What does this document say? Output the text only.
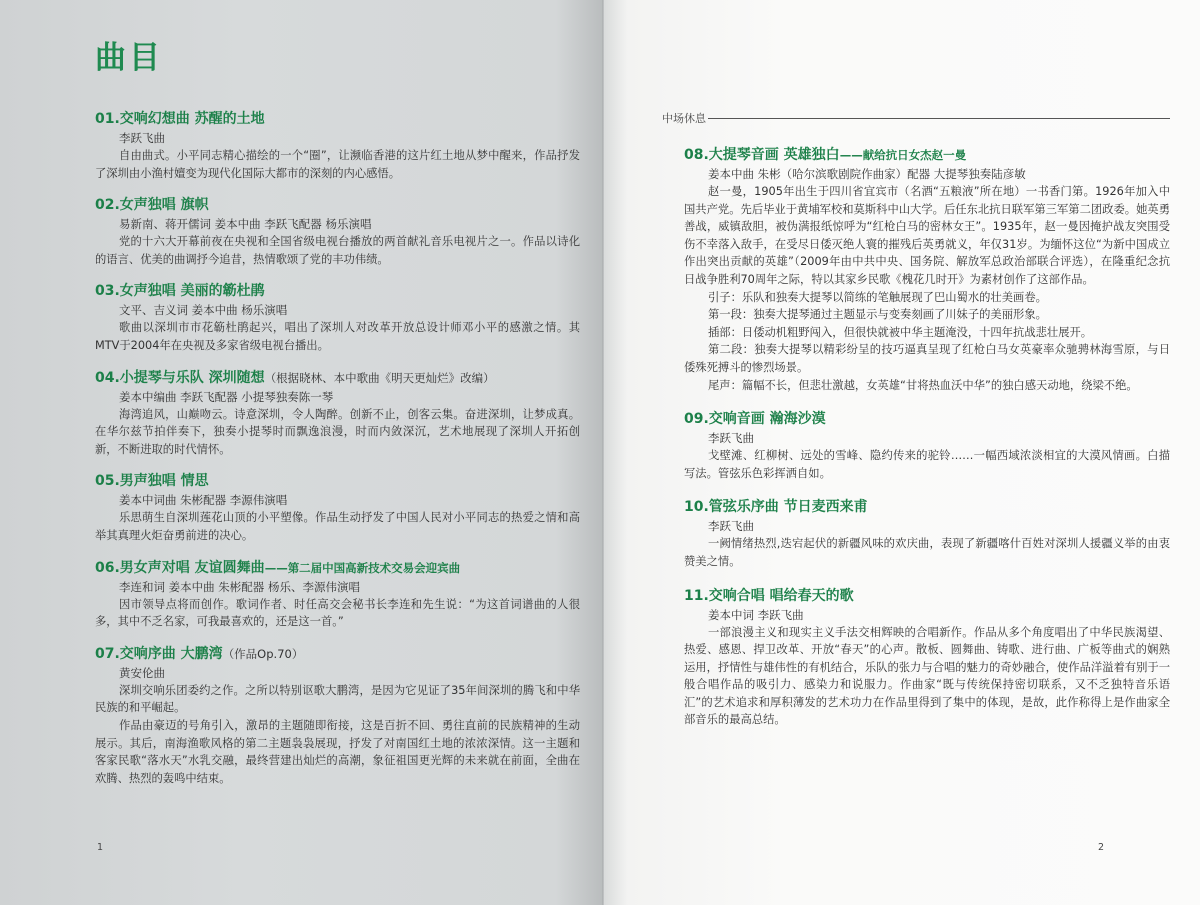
曲目
01.交响幻想曲 苏醒的土地
李跃飞曲

自由曲式。小平同志精心描绘的一个“圈”，让濒临香港的这片红土地从梦中醒来，作品抒发了深圳由小渔村嬗变为现代化国际大都市的深刻的内心感悟。

02.女声独唱 旗帜
易新南、蒋开儒词 姜本中曲 李跃飞配器 杨乐演唱

党的十六大开幕前夜在央视和全国省级电视台播放的两首献礼音乐电视片之一。作品以诗化的语言、优美的曲调抒今追昔，热情歌颂了党的丰功伟绩。

03.女声独唱 美丽的簕杜鹃
文平、吉义词 姜本中曲 杨乐演唱

歌曲以深圳市市花簕杜鹃起兴，唱出了深圳人对改革开放总设计师邓小平的感激之情。其MTV于2004年在央视及多家省级电视台播出。

04.小提琴与乐队 深圳随想（根据晓林、本中歌曲《明天更灿烂》改编）
姜本中编曲 李跃飞配器 小提琴独奏陈一琴

海湾追风，山巅吻云。诗意深圳，令人陶醉。创新不止，创客云集。奋进深圳，让梦成真。在华尔兹节拍伴奏下，独奏小提琴时而飘逸浪漫，时而内敛深沉，艺术地展现了深圳人开拓创新，不断进取的时代情怀。

05.男声独唱 情思
姜本中词曲 朱彬配器 李源伟演唱

乐思萌生自深圳莲花山顶的小平塑像。作品生动抒发了中国人民对小平同志的热爱之情和高举其真理火炬奋勇前进的决心。

06.男女声对唱 友谊圆舞曲——第二届中国高新技术交易会迎宾曲
李连和词 姜本中曲 朱彬配器 杨乐、李源伟演唱

因市领导点将而创作。歌词作者、时任高交会秘书长李连和先生说：“为这首词谱曲的人很多，其中不乏名家，可我最喜欢的，还是这一首。”

07.交响序曲 大鹏湾（作品Op.70）
黄安伦曲

深圳交响乐团委约之作。之所以特别讴歌大鹏湾，是因为它见证了35年间深圳的腾飞和中华民族的和平崛起。

作品由豪迈的号角引入，激昂的主题随即衔接，这是百折不回、勇往直前的民族精神的生动展示。其后，南海渔歌风格的第二主题袅袅展现，抒发了对南国红土地的浓浓深情。这一主题和客家民歌“落水天”水乳交融，最终营建出灿烂的高潮，象征祖国更光辉的未来就在前面，全曲在欢腾、热烈的轰鸣中结束。

1
中场休息
08.大提琴音画 英雄独白——献给抗日女杰赵一曼
姜本中曲 朱彬（哈尔滨歌剧院作曲家）配器 大提琴独奏陆彦敏

赵一曼，1905年出生于四川省宜宾市（名酒“五粮液”所在地）一书香门第。1926年加入中国共产党。先后毕业于黄埔军校和莫斯科中山大学。后任东北抗日联军第三军第二团政委。她英勇善战，威镇敌胆，被伪满报纸惊呼为“红枪白马的密林女王”。1935年，赵一曼因掩护战友突围受伤不幸落入敌手，在受尽日倭灭绝人寰的摧残后英勇就义，年仅31岁。为缅怀这位“为新中国成立作出突出贡献的英雄”（2009年由中共中央、国务院、解放军总政治部联合评选），在隆重纪念抗日战争胜利70周年之际，特以其家乡民歌《槐花几时开》为素材创作了这部作品。

引子：乐队和独奏大提琴以简练的笔触展现了巴山蜀水的壮美画卷。

第一段：独奏大提琴通过主题显示与变奏刻画了川妹子的美丽形象。

插部：日倭动机粗野闯入，但很快就被中华主题淹没，十四年抗战悲壮展开。

第二段：独奏大提琴以精彩纷呈的技巧逼真呈现了红枪白马女英豪率众驰骋林海雪原，与日倭殊死搏斗的惨烈场景。

尾声：篇幅不长，但悲壮激越，女英雄“甘将热血沃中华”的独白感天动地，绕梁不绝。

09.交响音画 瀚海沙漠
李跃飞曲

戈壁滩、红柳树、远处的雪峰、隐约传来的驼铃……一幅西域浓淡相宜的大漠风情画。白描写法。管弦乐色彩挥洒自如。

10.管弦乐序曲 节日麦西来甫
李跃飞曲

一阙情绪热烈,迭宕起伏的新疆风味的欢庆曲，表现了新疆喀什百姓对深圳人援疆义举的由衷赞美之情。

11.交响合唱 唱给春天的歌
姜本中词 李跃飞曲

一部浪漫主义和现实主义手法交相辉映的合唱新作。作品从多个角度唱出了中华民族渴望、热爱、感恩、捍卫改革、开放“春天”的心声。散板、圆舞曲、铸歌、进行曲、广板等曲式的娴熟运用，抒情性与雄伟性的有机结合，乐队的张力与合唱的魅力的奇妙融合，使作品洋溢着有别于一般合唱作品的吸引力、感染力和说服力。作曲家“既与传统保持密切联系，又不乏独特音乐语汇”的艺术追求和厚积薄发的艺术功力在作品里得到了集中的体现，是故，此作称得上是作曲家全部音乐的最高总结。

2
